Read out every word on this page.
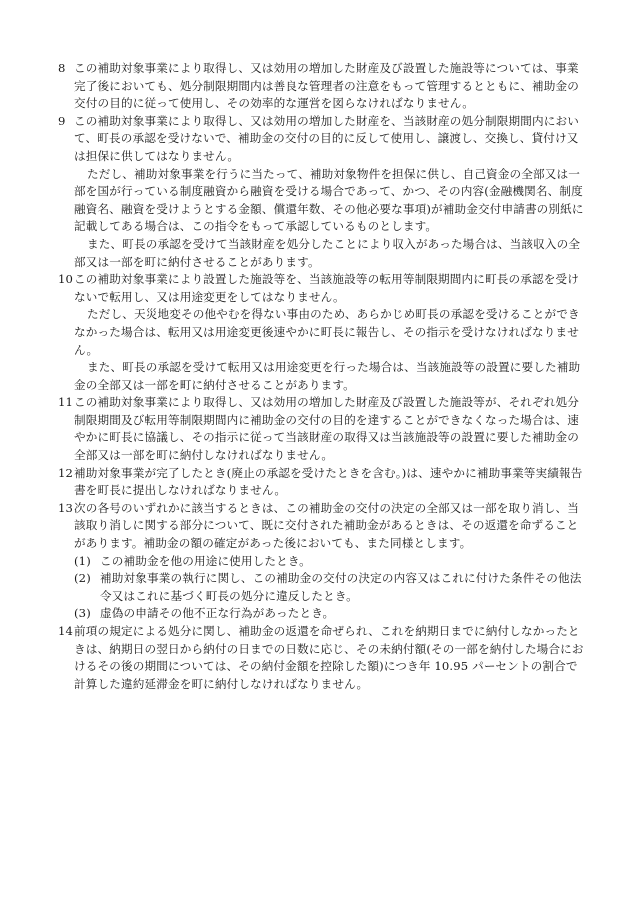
8 この補助対象事業により取得し、又は効用の増加した財産及び設置した施設等については、事業完了後においても、処分制限期間内は善良な管理者の注意をもって管理するとともに、補助金の交付の目的に従って使用し、その効率的な運営を図らなければなりません。

9 この補助対象事業により取得し、又は効用の増加した財産を、当該財産の処分制限期間内において、町長の承認を受けないで、補助金の交付の目的に反して使用し、譲渡し、交換し、貸付け又は担保に供してはなりません。

ただし、補助対象事業を行うに当たって、補助対象物件を担保に供し、自己資金の全部又は一部を国が行っている制度融資から融資を受ける場合であって、かつ、その内容(金融機関名、制度融資名、融資を受けようとする金額、償還年数、その他必要な事項)が補助金交付申請書の別紙に記載してある場合は、この指令をもって承認しているものとします。

また、町長の承認を受けて当該財産を処分したことにより収入があった場合は、当該収入の全部又は一部を町に納付させることがあります。

10この補助対象事業により設置した施設等を、当該施設等の転用等制限期間内に町長の承認を受けないで転用し、又は用途変更をしてはなりません。

ただし、天災地変その他やむを得ない事由のため、あらかじめ町長の承認を受けることができなかった場合は、転用又は用途変更後速やかに町長に報告し、その指示を受けなければなりません。

また、町長の承認を受けて転用又は用途変更を行った場合は、当該施設等の設置に要した補助金の全部又は一部を町に納付させることがあります。

11この補助対象事業により取得し、又は効用の増加した財産及び設置した施設等が、それぞれ処分制限期間及び転用等制限期間内に補助金の交付の目的を達することができなくなった場合は、速やかに町長に協議し、その指示に従って当該財産の取得又は当該施設等の設置に要した補助金の全部又は一部を町に納付しなければなりません。

12補助対象事業が完了したとき(廃止の承認を受けたときを含む。)は、速やかに補助事業等実績報告書を町長に提出しなければなりません。

13次の各号のいずれかに該当するときは、この補助金の交付の決定の全部又は一部を取り消し、当該取り消しに関する部分について、既に交付された補助金があるときは、その返還を命ずることがあります。補助金の額の確定があった後においても、また同様とします。

(1) この補助金を他の用途に使用したとき。

(2) 補助対象事業の執行に関し、この補助金の交付の決定の内容又はこれに付けた条件その他法令又はこれに基づく町長の処分に違反したとき。

(3) 虚偽の申請その他不正な行為があったとき。

14前項の規定による処分に関し、補助金の返還を命ぜられ、これを納期日までに納付しなかったときは、納期日の翌日から納付の日までの日数に応じ、その未納付額(その一部を納付した場合におけるその後の期間については、その納付金額を控除した額)につき年 10.95 パーセントの割合で計算した違約延滞金を町に納付しなければなりません。
